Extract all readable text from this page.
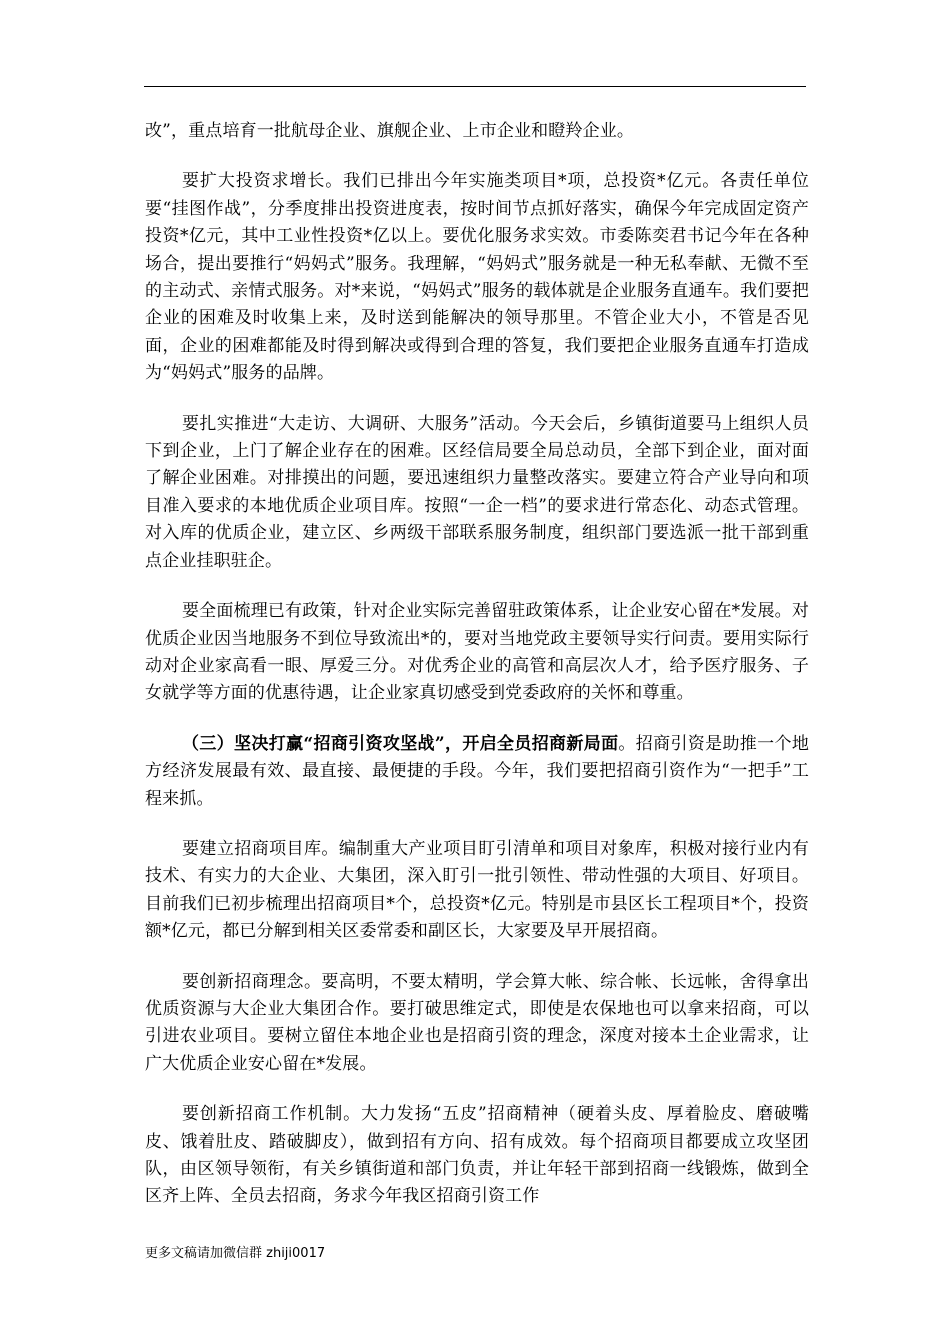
改”，重点培育一批航母企业、旗舰企业、上市企业和瞪羚企业。

要扩大投资求增长。我们已排出今年实施类项目*项，总投资*亿元。各责任单位要“挂图作战”，分季度排出投资进度表，按时间节点抓好落实，确保今年完成固定资产投资*亿元，其中工业性投资*亿以上。要优化服务求实效。市委陈奕君书记今年在各种场合，提出要推行“妈妈式”服务。我理解，“妈妈式”服务就是一种无私奉献、无微不至的主动式、亲情式服务。对*来说，“妈妈式”服务的载体就是企业服务直通车。我们要把企业的困难及时收集上来，及时送到能解决的领导那里。不管企业大小，不管是否见面，企业的困难都能及时得到解决或得到合理的答复，我们要把企业服务直通车打造成为“妈妈式”服务的品牌。

要扎实推进“大走访、大调研、大服务”活动。今天会后，乡镇街道要马上组织人员下到企业，上门了解企业存在的困难。区经信局要全局总动员，全部下到企业，面对面了解企业困难。对排摸出的问题，要迅速组织力量整改落实。要建立符合产业导向和项目准入要求的本地优质企业项目库。按照“一企一档”的要求进行常态化、动态式管理。对入库的优质企业，建立区、乡两级干部联系服务制度，组织部门要选派一批干部到重点企业挂职驻企。

要全面梳理已有政策，针对企业实际完善留驻政策体系，让企业安心留在*发展。对优质企业因当地服务不到位导致流出*的，要对当地党政主要领导实行问责。要用实际行动对企业家高看一眼、厚爱三分。对优秀企业的高管和高层次人才，给予医疗服务、子女就学等方面的优惠待遇，让企业家真切感受到党委政府的关怀和尊重。

（三）坚决打赢“招商引资攻坚战”，开启全员招商新局面。招商引资是助推一个地方经济发展最有效、最直接、最便捷的手段。今年，我们要把招商引资作为“一把手”工程来抓。

要建立招商项目库。编制重大产业项目盯引清单和项目对象库，积极对接行业内有技术、有实力的大企业、大集团，深入盯引一批引领性、带动性强的大项目、好项目。目前我们已初步梳理出招商项目*个，总投资*亿元。特别是市县区长工程项目*个，投资额*亿元，都已分解到相关区委常委和副区长，大家要及早开展招商。

要创新招商理念。要高明，不要太精明，学会算大帐、综合帐、长远帐，舍得拿出优质资源与大企业大集团合作。要打破思维定式，即使是农保地也可以拿来招商，可以引进农业项目。要树立留住本地企业也是招商引资的理念，深度对接本土企业需求，让广大优质企业安心留在*发展。

要创新招商工作机制。大力发扬“五皮”招商精神（硬着头皮、厚着脸皮、磨破嘴皮、饿着肚皮、踏破脚皮），做到招有方向、招有成效。每个招商项目都要成立攻坚团队，由区领导领衔，有关乡镇街道和部门负责，并让年轻干部到招商一线锻炼，做到全区齐上阵、全员去招商，务求今年我区招商引资工作

更多文稿请加微信群 zhiji0017
